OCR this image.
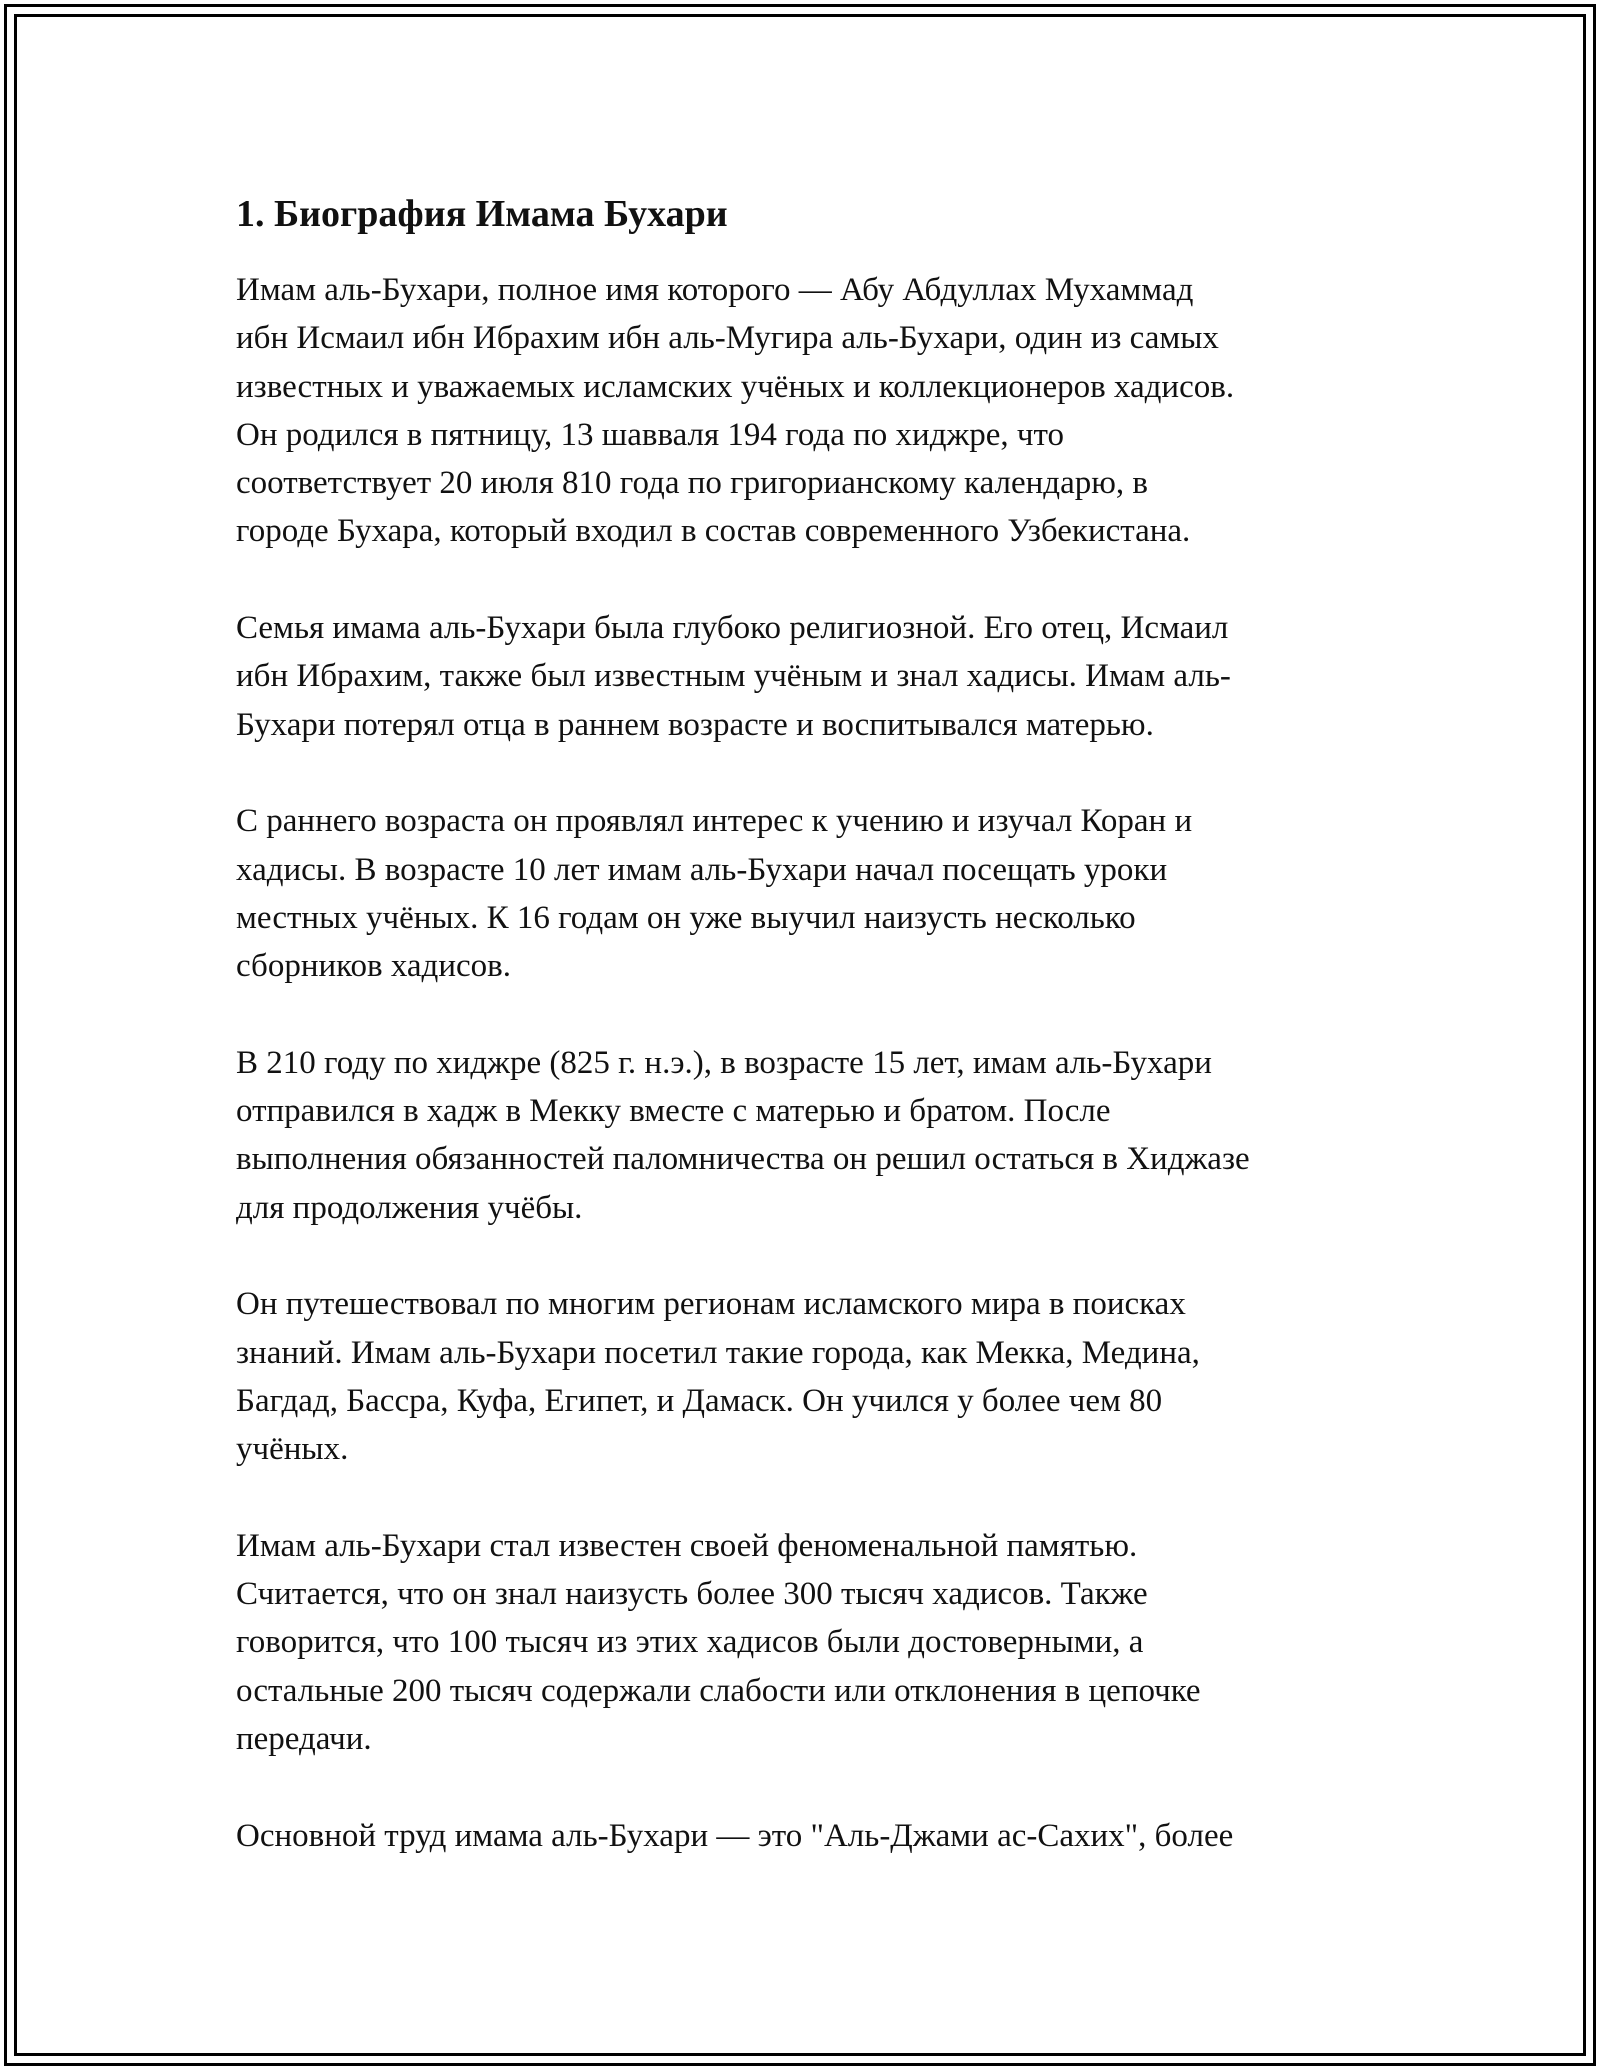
1. Биография Имама Бухари

Имам аль-Бухари, полное имя которого — Абу Абдуллах Мухаммад
ибн Исмаил ибн Ибрахим ибн аль-Мугира аль-Бухари, один из самых
известных и уважаемых исламских учёных и коллекционеров хадисов.
Он родился в пятницу, 13 шавваля 194 года по хиджре, что
соответствует 20 июля 810 года по григорианскому календарю, в
городе Бухара, который входил в состав современного Узбекистана.

Семья имама аль-Бухари была глубоко религиозной. Его отец, Исмаил
ибн Ибрахим, также был известным учёным и знал хадисы. Имам аль-
Бухари потерял отца в раннем возрасте и воспитывался матерью.

С раннего возраста он проявлял интерес к учению и изучал Коран и
хадисы. В возрасте 10 лет имам аль-Бухари начал посещать уроки
местных учёных. К 16 годам он уже выучил наизусть несколько
сборников хадисов.

В 210 году по хиджре (825 г. н.э.), в возрасте 15 лет, имам аль-Бухари
отправился в хадж в Мекку вместе с матерью и братом. После
выполнения обязанностей паломничества он решил остаться в Хиджазе
для продолжения учёбы.

Он путешествовал по многим регионам исламского мира в поисках
знаний. Имам аль-Бухари посетил такие города, как Мекка, Медина,
Багдад, Бассра, Куфа, Египет, и Дамаск. Он учился у более чем 80
учёных.

Имам аль-Бухари стал известен своей феноменальной памятью.
Считается, что он знал наизусть более 300 тысяч хадисов. Также
говорится, что 100 тысяч из этих хадисов были достоверными, а
остальные 200 тысяч содержали слабости или отклонения в цепочке
передачи.

Основной труд имама аль-Бухари — это "Аль-Джами ас-Сахих", более
